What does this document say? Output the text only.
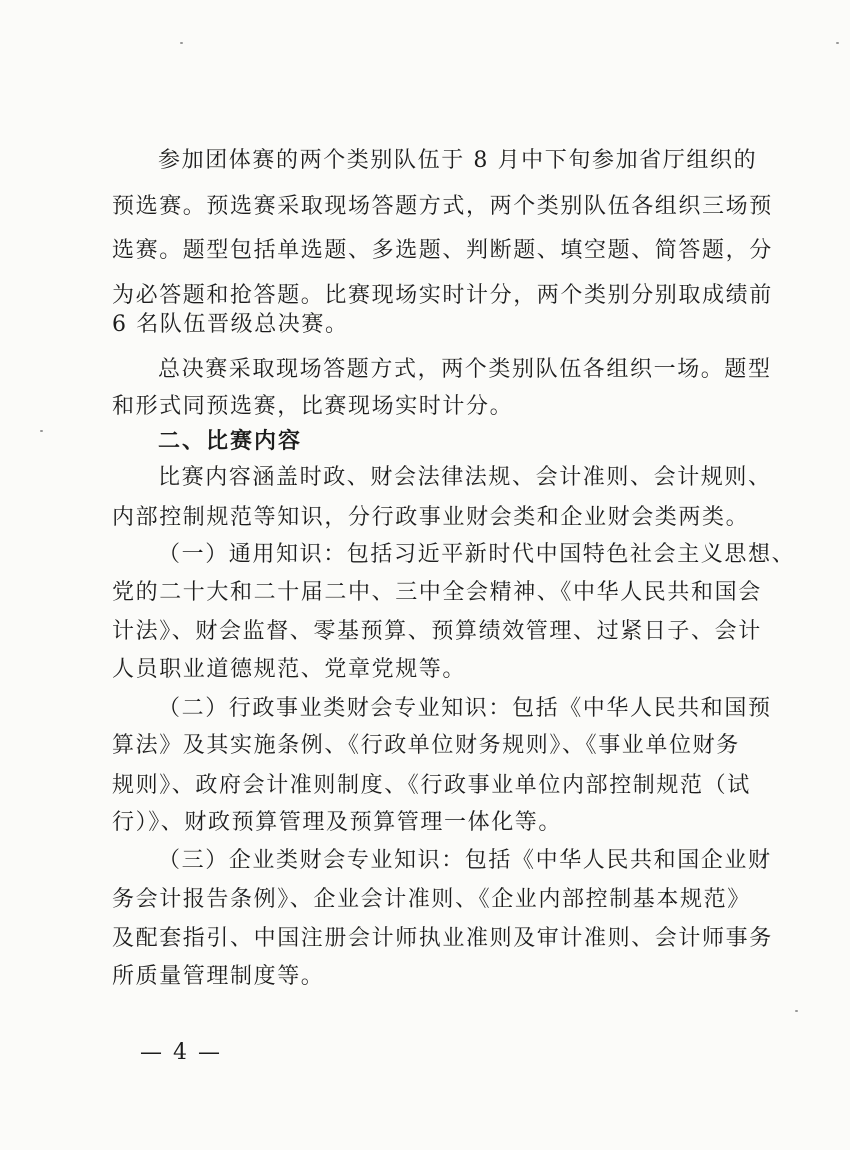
参加团体赛的两个类别队伍于 8 月中下旬参加省厅组织的
预选赛。预选赛采取现场答题方式，两个类别队伍各组织三场预
选赛。题型包括单选题、多选题、判断题、填空题、简答题，分
为必答题和抢答题。比赛现场实时计分，两个类别分别取成绩前
6 名队伍晋级总决赛。
总决赛采取现场答题方式，两个类别队伍各组织一场。题型
和形式同预选赛，比赛现场实时计分。
二、比赛内容
比赛内容涵盖时政、财会法律法规、会计准则、会计规则、
内部控制规范等知识，分行政事业财会类和企业财会类两类。
（一）通用知识：包括习近平新时代中国特色社会主义思想、
党的二十大和二十届二中、三中全会精神、《中华人民共和国会
计法》、财会监督、零基预算、预算绩效管理、过紧日子、会计
人员职业道德规范、党章党规等。
（二）行政事业类财会专业知识：包括《中华人民共和国预
算法》及其实施条例、《行政单位财务规则》、《事业单位财务
规则》、政府会计准则制度、《行政事业单位内部控制规范（试
行）》、财政预算管理及预算管理一体化等。
（三）企业类财会专业知识：包括《中华人民共和国企业财
务会计报告条例》、企业会计准则、《企业内部控制基本规范》
及配套指引、中国注册会计师执业准则及审计准则、会计师事务
所质量管理制度等。
— 4 —
